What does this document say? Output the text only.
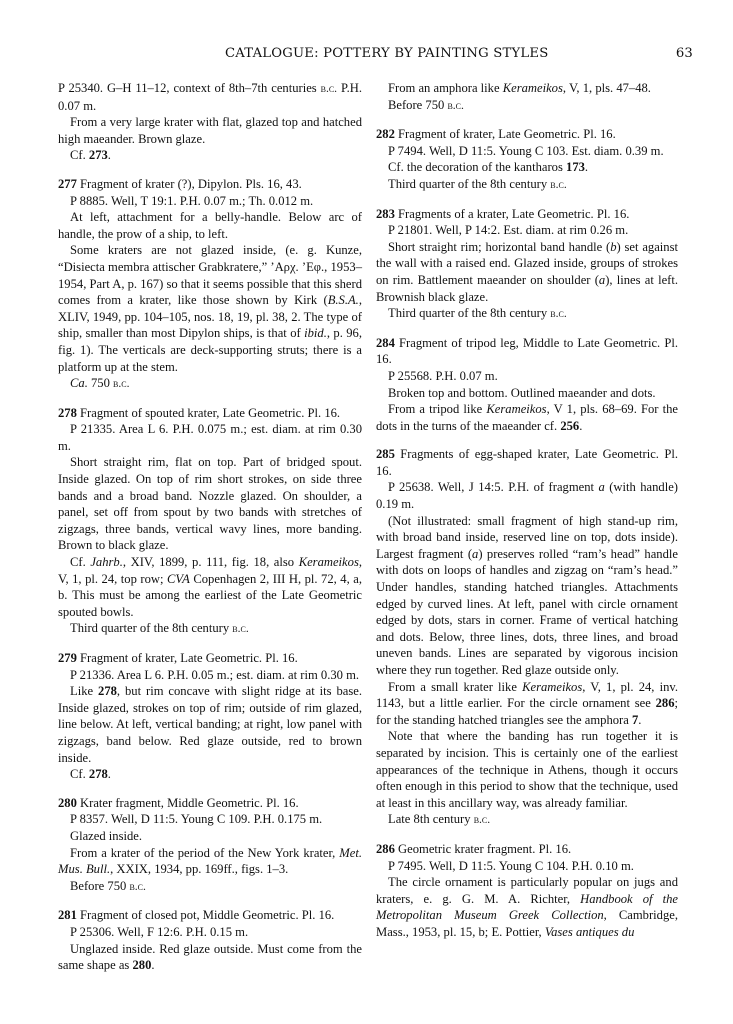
CATALOGUE: POTTERY BY PAINTING STYLES	63

P 25340. G–H 11–12, context of 8th–7th centuries b.c. P.H. 0.07 m.

From a very large krater with flat, glazed top and hatched high maeander. Brown glaze.

Cf. 273.

277 Fragment of krater (?), Dipylon. Pls. 16, 43.

P 8885. Well, T 19:1. P.H. 0.07 m.; Th. 0.012 m.

At left, attachment for a belly-handle. Below arc of handle, the prow of a ship, to left.

Some kraters are not glazed inside, (e. g. Kunze, “Disiecta membra attischer Grabkratere,” ’Αρχ. ’Εφ., 1953–1954, Part A, p. 167) so that it seems possible that this sherd comes from a krater, like those shown by Kirk (B.S.A., XLIV, 1949, pp. 104–105, nos. 18, 19, pl. 38, 2. The type of ship, smaller than most Dipylon ships, is that of ibid., p. 96, fig. 1). The verticals are deck-supporting struts; there is a platform up at the stem.

Ca. 750 b.c.

278 Fragment of spouted krater, Late Geometric. Pl. 16.

P 21335. Area L 6. P.H. 0.075 m.; est. diam. at rim 0.30 m.

Short straight rim, flat on top. Part of bridged spout. Inside glazed. On top of rim short strokes, on side three bands and a broad band. Nozzle glazed. On shoulder, a panel, set off from spout by two bands with stretches of zigzags, three bands, vertical wavy lines, more banding. Brown to black glaze.

Cf. Jahrb., XIV, 1899, p. 111, fig. 18, also Kerameikos, V, 1, pl. 24, top row; CVA Copenhagen 2, III H, pl. 72, 4, a, b. This must be among the earliest of the Late Geometric spouted bowls.

Third quarter of the 8th century b.c.

279 Fragment of krater, Late Geometric. Pl. 16.

P 21336. Area L 6. P.H. 0.05 m.; est. diam. at rim 0.30 m.

Like 278, but rim concave with slight ridge at its base. Inside glazed, strokes on top of rim; outside of rim glazed, line below. At left, vertical banding; at right, low panel with zigzags, band below. Red glaze outside, red to brown inside.

Cf. 278.

280 Krater fragment, Middle Geometric. Pl. 16.

P 8357. Well, D 11:5. Young C 109. P.H. 0.175 m.

Glazed inside.

From a krater of the period of the New York krater, Met. Mus. Bull., XXIX, 1934, pp. 169ff., figs. 1–3.

Before 750 b.c.

281 Fragment of closed pot, Middle Geometric. Pl. 16.

P 25306. Well, F 12:6. P.H. 0.15 m.

Unglazed inside. Red glaze outside. Must come from the same shape as 280.

From an amphora like Kerameikos, V, 1, pls. 47–48.

Before 750 b.c.

282 Fragment of krater, Late Geometric. Pl. 16.

P 7494. Well, D 11:5. Young C 103. Est. diam. 0.39 m.

Cf. the decoration of the kantharos 173.

Third quarter of the 8th century b.c.

283 Fragments of a krater, Late Geometric. Pl. 16.

P 21801. Well, P 14:2. Est. diam. at rim 0.26 m.

Short straight rim; horizontal band handle (b) set against the wall with a raised end. Glazed inside, groups of strokes on rim. Battlement maeander on shoulder (a), lines at left. Brownish black glaze.

Third quarter of the 8th century b.c.

284 Fragment of tripod leg, Middle to Late Geometric. Pl. 16.

P 25568. P.H. 0.07 m.

Broken top and bottom. Outlined maeander and dots.

From a tripod like Kerameikos, V 1, pls. 68–69. For the dots in the turns of the maeander cf. 256.

285 Fragments of egg-shaped krater, Late Geometric. Pl. 16.

P 25638. Well, J 14:5. P.H. of fragment a (with handle) 0.19 m.

(Not illustrated: small fragment of high stand-up rim, with broad band inside, reserved line on top, dots inside). Largest fragment (a) preserves rolled “ram’s head” handle with dots on loops of handles and zigzag on “ram’s head.” Under handles, standing hatched triangles. Attachments edged by curved lines. At left, panel with circle ornament edged by dots, stars in corner. Frame of vertical hatching and dots. Below, three lines, dots, three lines, and broad uneven bands. Lines are separated by vigorous incision where they run together. Red glaze outside only.

From a small krater like Kerameikos, V, 1, pl. 24, inv. 1143, but a little earlier. For the circle ornament see 286; for the standing hatched triangles see the amphora 7.

Note that where the banding has run together it is separated by incision. This is certainly one of the earliest appearances of the technique in Athens, though it occurs often enough in this period to show that the technique, used at least in this ancillary way, was already familiar.

Late 8th century b.c.

286 Geometric krater fragment. Pl. 16.

P 7495. Well, D 11:5. Young C 104. P.H. 0.10 m.

The circle ornament is particularly popular on jugs and kraters, e. g. G. M. A. Richter, Handbook of the Metropolitan Museum Greek Collection, Cambridge, Mass., 1953, pl. 15, b; E. Pottier, Vases antiques du
